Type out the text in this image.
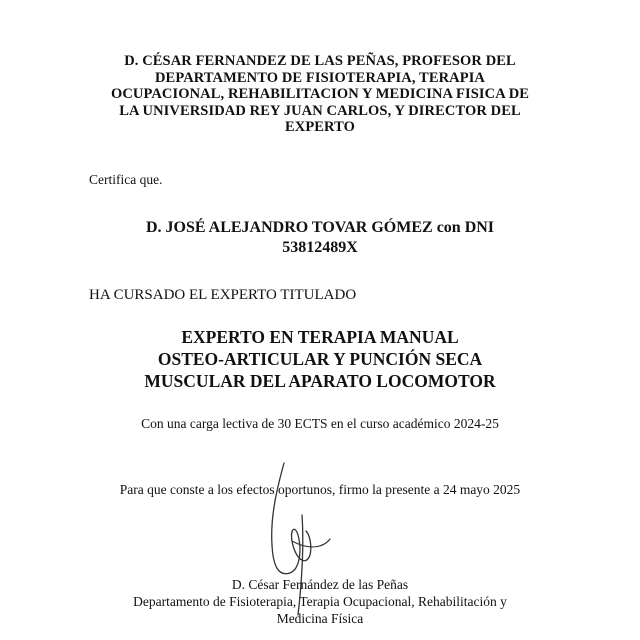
D. CÉSAR FERNANDEZ DE LAS PEÑAS, PROFESOR DEL
DEPARTAMENTO DE FISIOTERAPIA, TERAPIA
OCUPACIONAL, REHABILITACION Y MEDICINA FISICA DE
LA UNIVERSIDAD REY JUAN CARLOS, Y DIRECTOR DEL
EXPERTO
Certifica que.
D. JOSÉ ALEJANDRO TOVAR GÓMEZ con DNI
53812489X
HA CURSADO EL EXPERTO TITULADO
EXPERTO EN TERAPIA MANUAL
OSTEO-ARTICULAR Y PUNCIÓN SECA
MUSCULAR DEL APARATO LOCOMOTOR
Con una carga lectiva de 30 ECTS en el curso académico 2024-25
Para que conste a los efectos oportunos, firmo la presente a 24 mayo 2025
D. César Fernández de las Peñas
Departamento de Fisioterapia, Terapia Ocupacional, Rehabilitación y
Medicina Física
